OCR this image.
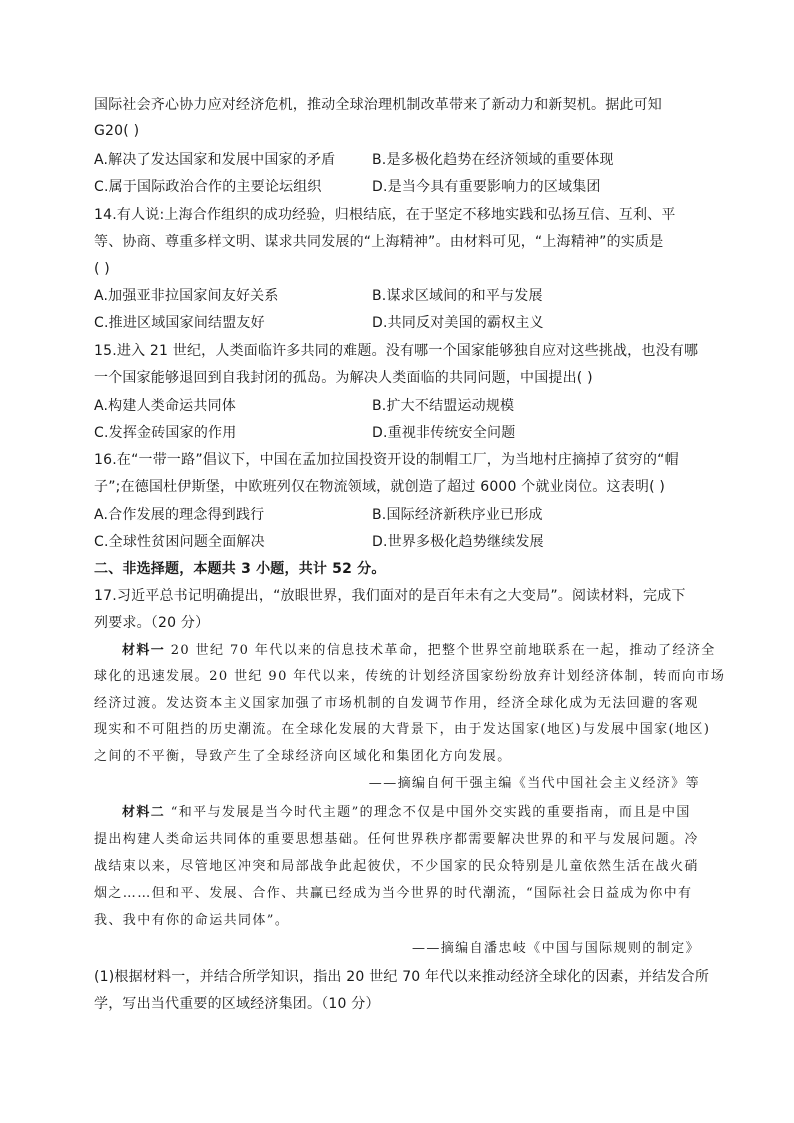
国际社会齐心协力应对经济危机，推动全球治理机制改革带来了新动力和新契机。据此可知
G20( )
A.解决了发达国家和发展中国家的矛盾	B.是多极化趋势在经济领域的重要体现
C.属于国际政治合作的主要论坛组织	D.是当今具有重要影响力的区域集团
14.有人说:上海合作组织的成功经验，归根结底，在于坚定不移地实践和弘扬互信、互利、平
等、协商、尊重多样文明、谋求共同发展的“上海精神”。由材料可见，“上海精神”的实质是
( )
A.加强亚非拉国家间友好关系	B.谋求区域间的和平与发展
C.推进区域国家间结盟友好	D.共同反对美国的霸权主义
15.进入 21 世纪，人类面临许多共同的难题。没有哪一个国家能够独自应对这些挑战，也没有哪
一个国家能够退回到自我封闭的孤岛。为解决人类面临的共同问题，中国提出( )
A.构建人类命运共同体	B.扩大不结盟运动规模
C.发挥金砖国家的作用	D.重视非传统安全问题
16.在“一带一路”倡议下，中国在孟加拉国投资开设的制帽工厂，为当地村庄摘掉了贫穷的“帽
子”;在德国杜伊斯堡，中欧班列仅在物流领域，就创造了超过 6000 个就业岗位。这表明( )
A.合作发展的理念得到践行	B.国际经济新秩序业已形成
C.全球性贫困问题全面解决	D.世界多极化趋势继续发展
二、非选择题，本题共 3 小题，共计 52 分。
17.习近平总书记明确提出，“放眼世界，我们面对的是百年未有之大变局”。阅读材料，完成下
列要求。（20 分）
材料一 20 世纪 70 年代以来的信息技术革命，把整个世界空前地联系在一起，推动了经济全
球化的迅速发展。20 世纪 90 年代以来，传统的计划经济国家纷纷放弃计划经济体制，转而向市场
经济过渡。发达资本主义国家加强了市场机制的自发调节作用，经济全球化成为无法回避的客观
现实和不可阻挡的历史潮流。在全球化发展的大背景下，由于发达国家(地区)与发展中国家(地区)
之间的不平衡，导致产生了全球经济向区域化和集团化方向发展。
——摘编自何干强主编《当代中国社会主义经济》等
材料二 “和平与发展是当今时代主题”的理念不仅是中国外交实践的重要指南，而且是中国
提出构建人类命运共同体的重要思想基础。任何世界秩序都需要解决世界的和平与发展问题。冷
战结束以来，尽管地区冲突和局部战争此起彼伏，不少国家的民众特别是儿童依然生活在战火硝
烟之……但和平、发展、合作、共赢已经成为当今世界的时代潮流，“国际社会日益成为你中有
我、我中有你的命运共同体”。
——摘编自潘忠岐《中国与国际规则的制定》
(1)根据材料一，并结合所学知识，指出 20 世纪 70 年代以来推动经济全球化的因素，并结发合所
学，写出当代重要的区域经济集团。（10 分）
